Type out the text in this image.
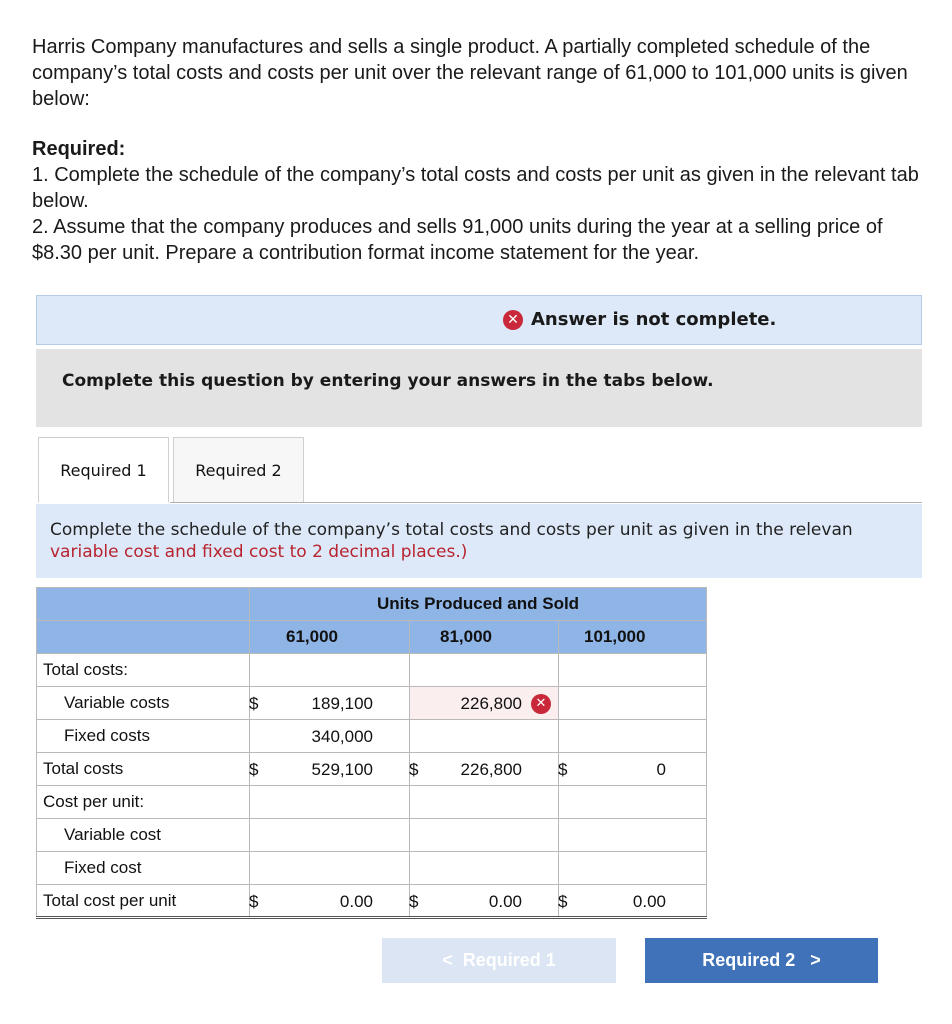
Harris Company manufactures and sells a single product. A partially completed schedule of the company’s total costs and costs per unit over the relevant range of 61,000 to 101,000 units is given below:

Required:

1. Complete the schedule of the company’s total costs and costs per unit as given in the relevant tab below.

2. Assume that the company produces and sells 91,000 units during the year at a selling price of $8.30 per unit. Prepare a contribution format income statement for the year.

✕ Answer is not complete.
Complete this question by entering your answers in the tabs below.
Required 1	Required 2
Complete the schedule of the company’s total costs and costs per unit as given in the relevan
variable cost and fixed cost to 2 decimal places.)
	Units Produced and Sold		
	61,000	81,000	101,000
Total costs:			
Variable costs	$ 189,100	226,800 ✕	

Fixed costs	340,000		

Total costs	$ 529,100	$ 226,800	$ 0

Cost per unit:			
Variable cost			
Fixed cost			
Total cost per unit	$ 0.00	$ 0.00	$ 0.00
< Required 1	Required 2 >
